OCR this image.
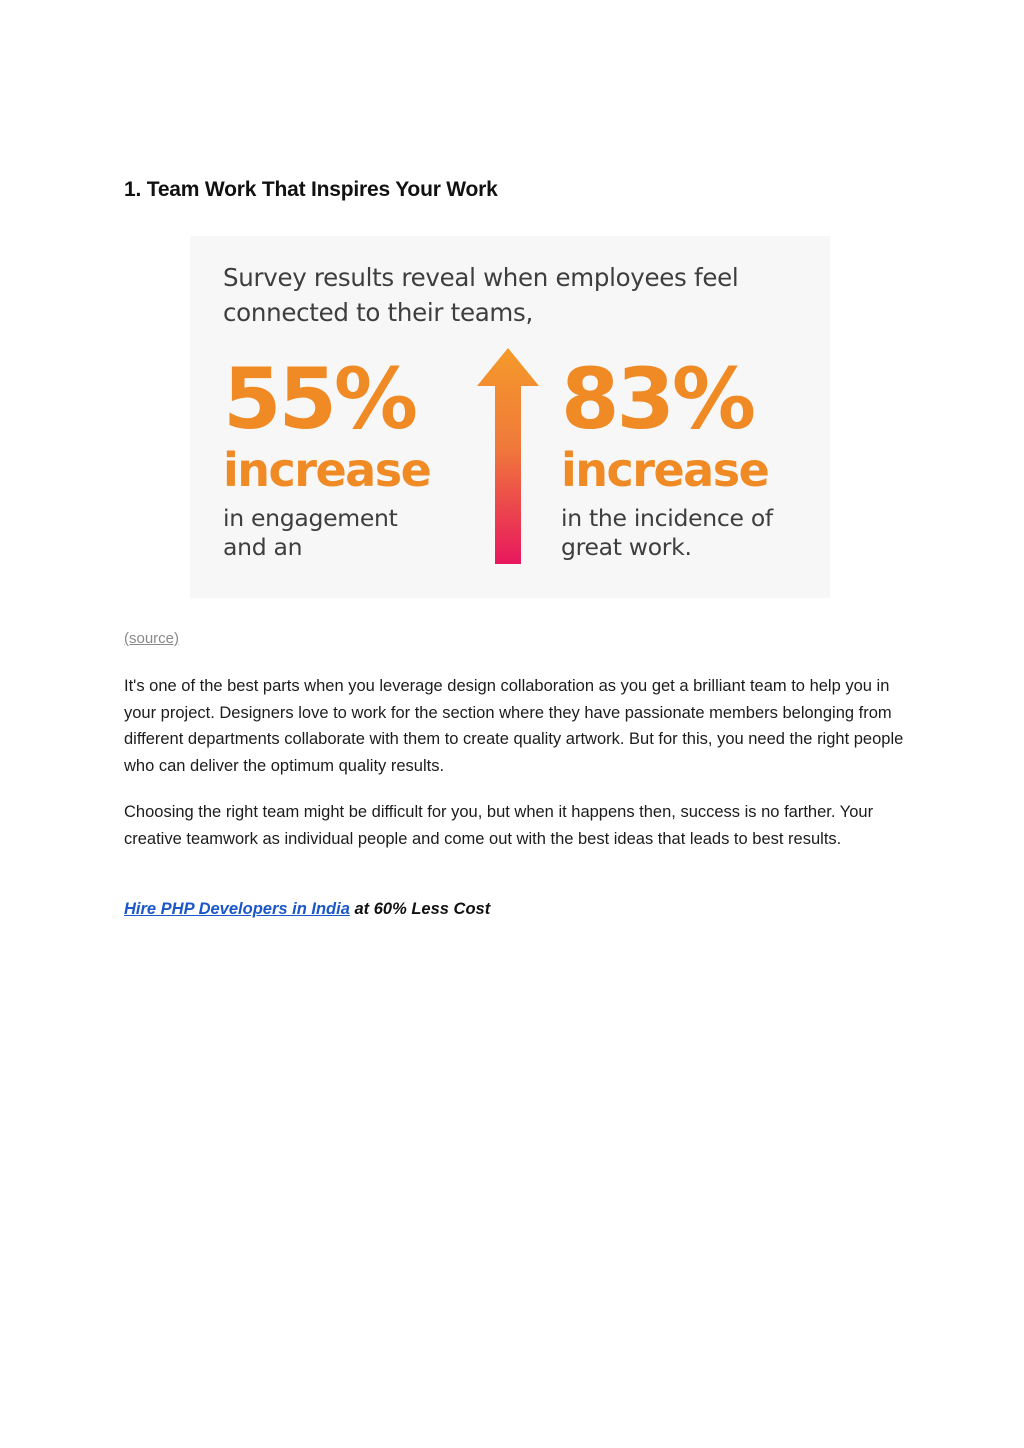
1. Team Work That Inspires Your Work

Survey results reveal when employees feel
connected to their teams,

55%

increase

in engagement
and an

83%

increase

in the incidence of
great work.

(source)

It's one of the best parts when you leverage design collaboration as you get a brilliant team to help you in your project. Designers love to work for the section where they have passionate members belonging from different departments collaborate with them to create quality artwork. But for this, you need the right people who can deliver the optimum quality results.

Choosing the right team might be difficult for you, but when it happens then, success is no farther. Your creative teamwork as individual people and come out with the best ideas that leads to best results.

Hire PHP Developers in India at 60% Less Cost
